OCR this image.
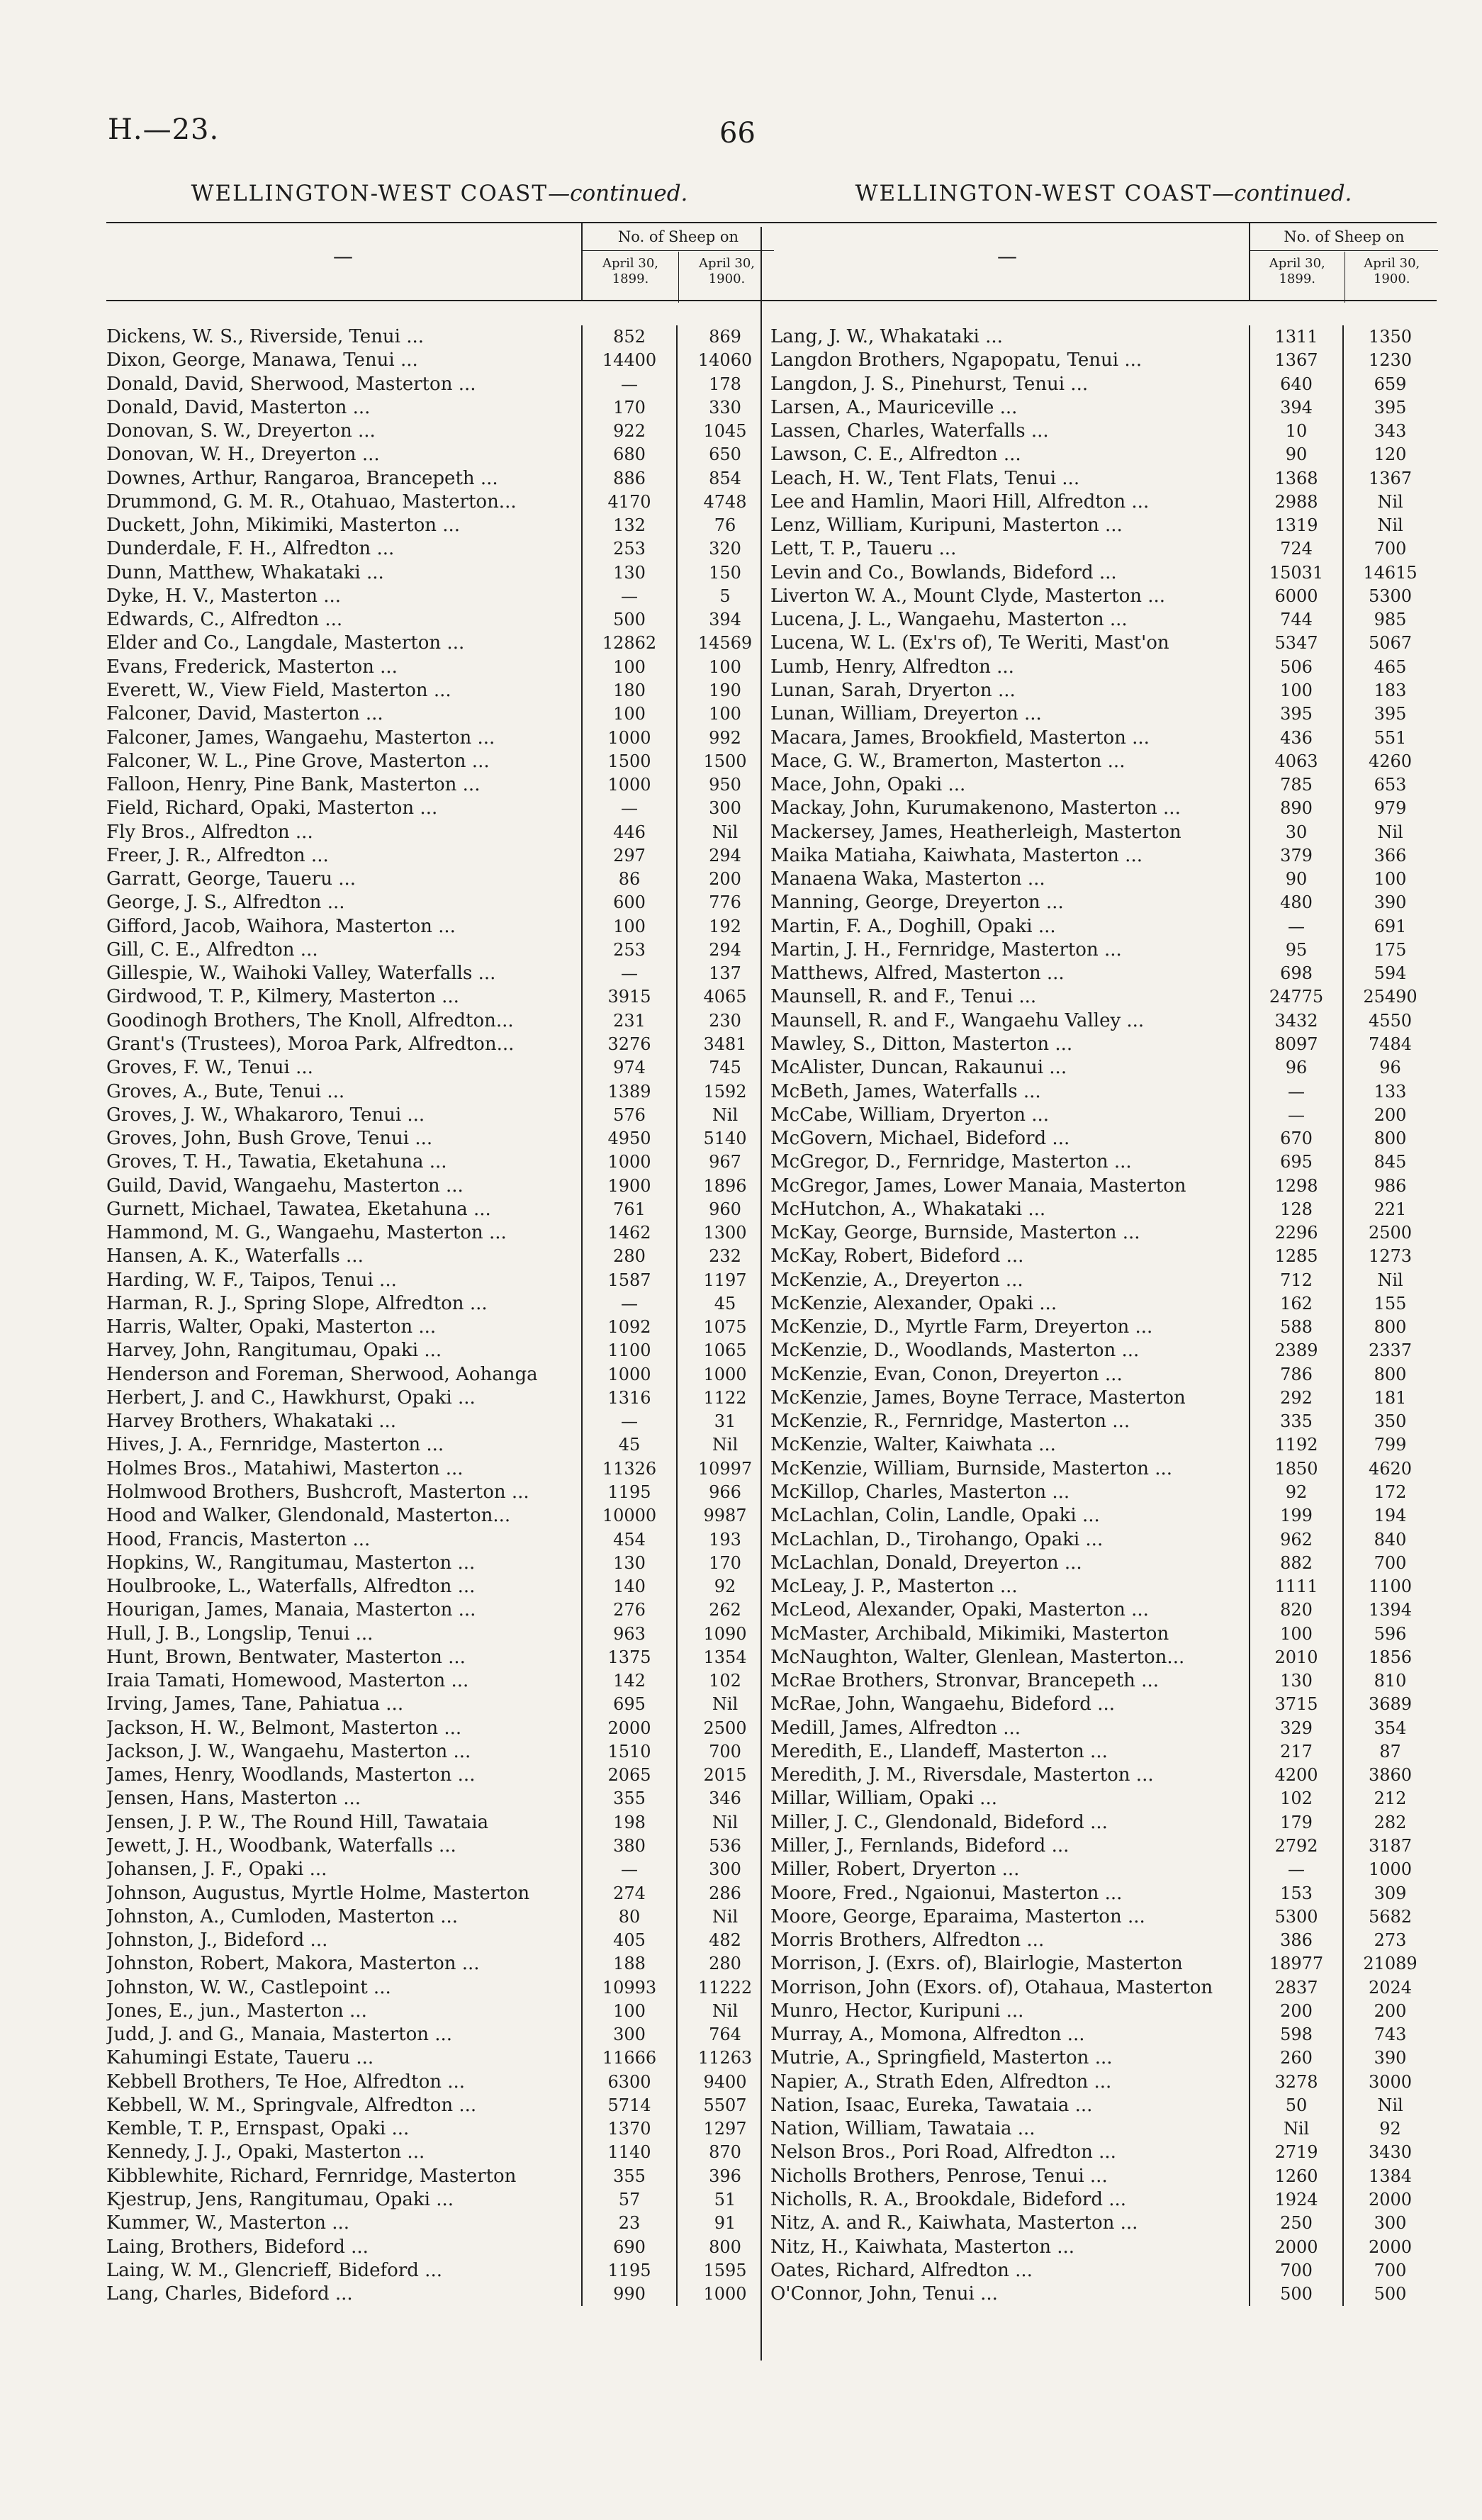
H.—23.	66
WELLINGTON-WEST COAST—continued.
—
No. of Sheep on
April 30, 1899.
April 30, 1900.
Dickens, W. S., Riverside, Tenui ...	852	869
Dixon, George, Manawa, Tenui ...	14400	14060
Donald, David, Sherwood, Masterton ...	—	178
Donald, David, Masterton ...	170	330
Donovan, S. W., Dreyerton ...	922	1045
Donovan, W. H., Dreyerton ...	680	650
Downes, Arthur, Rangaroa, Brancepeth ...	886	854
Drummond, G. M. R., Otahuao, Masterton...	4170	4748
Duckett, John, Mikimiki, Masterton ...	132	76
Dunderdale, F. H., Alfredton ...	253	320
Dunn, Matthew, Whakataki ...	130	150
Dyke, H. V., Masterton ...	—	5
Edwards, C., Alfredton ...	500	394
Elder and Co., Langdale, Masterton ...	12862	14569
Evans, Frederick, Masterton ...	100	100
Everett, W., View Field, Masterton ...	180	190
Falconer, David, Masterton ...	100	100
Falconer, James, Wangaehu, Masterton ...	1000	992
Falconer, W. L., Pine Grove, Masterton ...	1500	1500
Falloon, Henry, Pine Bank, Masterton ...	1000	950
Field, Richard, Opaki, Masterton ...	—	300
Fly Bros., Alfredton ...	446	Nil
Freer, J. R., Alfredton ...	297	294
Garratt, George, Taueru ...	86	200
George, J. S., Alfredton ...	600	776
Gifford, Jacob, Waihora, Masterton ...	100	192
Gill, C. E., Alfredton ...	253	294
Gillespie, W., Waihoki Valley, Waterfalls ...	—	137
Girdwood, T. P., Kilmery, Masterton ...	3915	4065
Goodinogh Brothers, The Knoll, Alfredton...	231	230
Grant's (Trustees), Moroa Park, Alfredton...	3276	3481
Groves, F. W., Tenui ...	974	745
Groves, A., Bute, Tenui ...	1389	1592
Groves, J. W., Whakaroro, Tenui ...	576	Nil
Groves, John, Bush Grove, Tenui ...	4950	5140
Groves, T. H., Tawatia, Eketahuna ...	1000	967
Guild, David, Wangaehu, Masterton ...	1900	1896
Gurnett, Michael, Tawatea, Eketahuna ...	761	960
Hammond, M. G., Wangaehu, Masterton ...	1462	1300
Hansen, A. K., Waterfalls ...	280	232
Harding, W. F., Taipos, Tenui ...	1587	1197
Harman, R. J., Spring Slope, Alfredton ...	—	45
Harris, Walter, Opaki, Masterton ...	1092	1075
Harvey, John, Rangitumau, Opaki ...	1100	1065
Henderson and Foreman, Sherwood, Aohanga	1000	1000
Herbert, J. and C., Hawkhurst, Opaki ...	1316	1122
Harvey Brothers, Whakataki ...	—	31
Hives, J. A., Fernridge, Masterton ...	45	Nil
Holmes Bros., Matahiwi, Masterton ...	11326	10997
Holmwood Brothers, Bushcroft, Masterton ...	1195	966
Hood and Walker, Glendonald, Masterton...	10000	9987
Hood, Francis, Masterton ...	454	193
Hopkins, W., Rangitumau, Masterton ...	130	170
Houlbrooke, L., Waterfalls, Alfredton ...	140	92
Hourigan, James, Manaia, Masterton ...	276	262
Hull, J. B., Longslip, Tenui ...	963	1090
Hunt, Brown, Bentwater, Masterton ...	1375	1354
Iraia Tamati, Homewood, Masterton ...	142	102
Irving, James, Tane, Pahiatua ...	695	Nil
Jackson, H. W., Belmont, Masterton ...	2000	2500
Jackson, J. W., Wangaehu, Masterton ...	1510	700
James, Henry, Woodlands, Masterton ...	2065	2015
Jensen, Hans, Masterton ...	355	346
Jensen, J. P. W., The Round Hill, Tawataia	198	Nil
Jewett, J. H., Woodbank, Waterfalls ...	380	536
Johansen, J. F., Opaki ...	—	300
Johnson, Augustus, Myrtle Holme, Masterton	274	286
Johnston, A., Cumloden, Masterton ...	80	Nil
Johnston, J., Bideford ...	405	482
Johnston, Robert, Makora, Masterton ...	188	280
Johnston, W. W., Castlepoint ...	10993	11222
Jones, E., jun., Masterton ...	100	Nil
Judd, J. and G., Manaia, Masterton ...	300	764
Kahumingi Estate, Taueru ...	11666	11263
Kebbell Brothers, Te Hoe, Alfredton ...	6300	9400
Kebbell, W. M., Springvale, Alfredton ...	5714	5507
Kemble, T. P., Ernspast, Opaki ...	1370	1297
Kennedy, J. J., Opaki, Masterton ...	1140	870
Kibblewhite, Richard, Fernridge, Masterton	355	396
Kjestrup, Jens, Rangitumau, Opaki ...	57	51
Kummer, W., Masterton ...	23	91
Laing, Brothers, Bideford ...	690	800
Laing, W. M., Glencrieff, Bideford ...	1195	1595
Lang, Charles, Bideford ...	990	1000
WELLINGTON-WEST COAST—continued.
—
No. of Sheep on
April 30, 1899.
April 30, 1900.
Lang, J. W., Whakataki ...	1311	1350
Langdon Brothers, Ngapopatu, Tenui ...	1367	1230
Langdon, J. S., Pinehurst, Tenui ...	640	659
Larsen, A., Mauriceville ...	394	395
Lassen, Charles, Waterfalls ...	10	343
Lawson, C. E., Alfredton ...	90	120
Leach, H. W., Tent Flats, Tenui ...	1368	1367
Lee and Hamlin, Maori Hill, Alfredton ...	2988	Nil
Lenz, William, Kuripuni, Masterton ...	1319	Nil
Lett, T. P., Taueru ...	724	700
Levin and Co., Bowlands, Bideford ...	15031	14615
Liverton W. A., Mount Clyde, Masterton ...	6000	5300
Lucena, J. L., Wangaehu, Masterton ...	744	985
Lucena, W. L. (Ex'rs of), Te Weriti, Mast'on	5347	5067
Lumb, Henry, Alfredton ...	506	465
Lunan, Sarah, Dryerton ...	100	183
Lunan, William, Dreyerton ...	395	395
Macara, James, Brookfield, Masterton ...	436	551
Mace, G. W., Bramerton, Masterton ...	4063	4260
Mace, John, Opaki ...	785	653
Mackay, John, Kurumakenono, Masterton ...	890	979
Mackersey, James, Heatherleigh, Masterton	30	Nil
Maika Matiaha, Kaiwhata, Masterton ...	379	366
Manaena Waka, Masterton ...	90	100
Manning, George, Dreyerton ...	480	390
Martin, F. A., Doghill, Opaki ...	—	691
Martin, J. H., Fernridge, Masterton ...	95	175
Matthews, Alfred, Masterton ...	698	594
Maunsell, R. and F., Tenui ...	24775	25490
Maunsell, R. and F., Wangaehu Valley ...	3432	4550
Mawley, S., Ditton, Masterton ...	8097	7484
McAlister, Duncan, Rakaunui ...	96	96
McBeth, James, Waterfalls ...	—	133
McCabe, William, Dryerton ...	—	200
McGovern, Michael, Bideford ...	670	800
McGregor, D., Fernridge, Masterton ...	695	845
McGregor, James, Lower Manaia, Masterton	1298	986
McHutchon, A., Whakataki ...	128	221
McKay, George, Burnside, Masterton ...	2296	2500
McKay, Robert, Bideford ...	1285	1273
McKenzie, A., Dreyerton ...	712	Nil
McKenzie, Alexander, Opaki ...	162	155
McKenzie, D., Myrtle Farm, Dreyerton ...	588	800
McKenzie, D., Woodlands, Masterton ...	2389	2337
McKenzie, Evan, Conon, Dreyerton ...	786	800
McKenzie, James, Boyne Terrace, Masterton	292	181
McKenzie, R., Fernridge, Masterton ...	335	350
McKenzie, Walter, Kaiwhata ...	1192	799
McKenzie, William, Burnside, Masterton ...	1850	4620
McKillop, Charles, Masterton ...	92	172
McLachlan, Colin, Landle, Opaki ...	199	194
McLachlan, D., Tirohango, Opaki ...	962	840
McLachlan, Donald, Dreyerton ...	882	700
McLeay, J. P., Masterton ...	1111	1100
McLeod, Alexander, Opaki, Masterton ...	820	1394
McMaster, Archibald, Mikimiki, Masterton	100	596
McNaughton, Walter, Glenlean, Masterton...	2010	1856
McRae Brothers, Stronvar, Brancepeth ...	130	810
McRae, John, Wangaehu, Bideford ...	3715	3689
Medill, James, Alfredton ...	329	354
Meredith, E., Llandeff, Masterton ...	217	87
Meredith, J. M., Riversdale, Masterton ...	4200	3860
Millar, William, Opaki ...	102	212
Miller, J. C., Glendonald, Bideford ...	179	282
Miller, J., Fernlands, Bideford ...	2792	3187
Miller, Robert, Dryerton ...	—	1000
Moore, Fred., Ngaionui, Masterton ...	153	309
Moore, George, Eparaima, Masterton ...	5300	5682
Morris Brothers, Alfredton ...	386	273
Morrison, J. (Exrs. of), Blairlogie, Masterton	18977	21089
Morrison, John (Exors. of), Otahaua, Masterton	2837	2024
Munro, Hector, Kuripuni ...	200	200
Murray, A., Momona, Alfredton ...	598	743
Mutrie, A., Springfield, Masterton ...	260	390
Napier, A., Strath Eden, Alfredton ...	3278	3000
Nation, Isaac, Eureka, Tawataia ...	50	Nil
Nation, William, Tawataia ...	Nil	92
Nelson Bros., Pori Road, Alfredton ...	2719	3430
Nicholls Brothers, Penrose, Tenui ...	1260	1384
Nicholls, R. A., Brookdale, Bideford ...	1924	2000
Nitz, A. and R., Kaiwhata, Masterton ...	250	300
Nitz, H., Kaiwhata, Masterton ...	2000	2000
Oates, Richard, Alfredton ...	700	700
O'Connor, John, Tenui ...	500	500
